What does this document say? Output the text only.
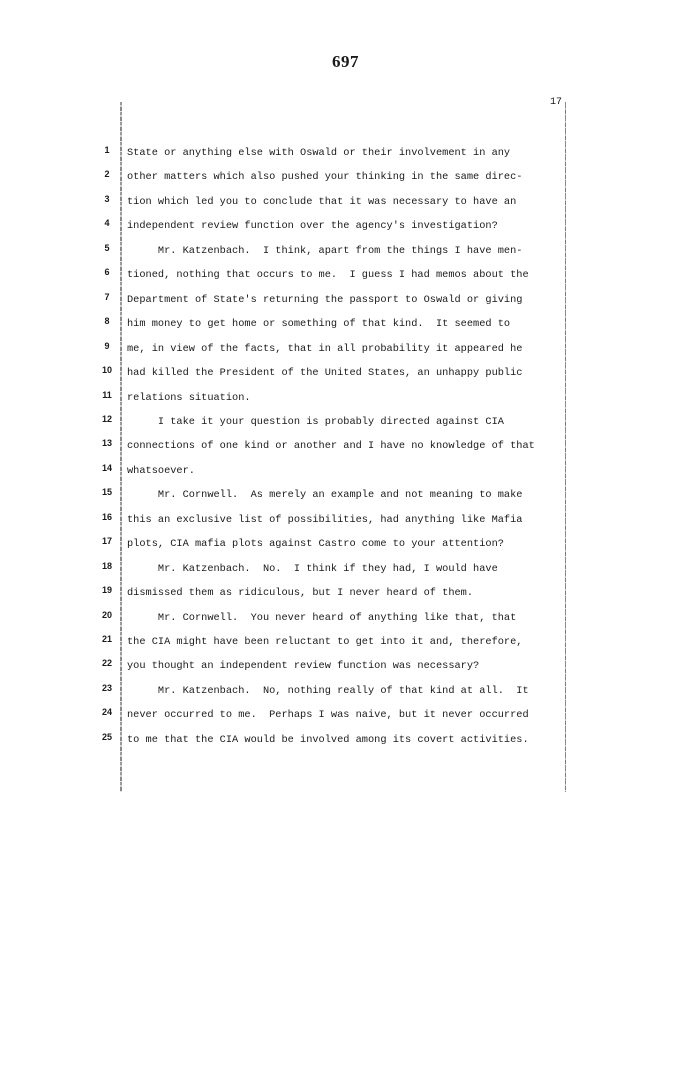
697
17
1	State or anything else with Oswald or their involvement in any
2	other matters which also pushed your thinking in the same direc-
3	tion which led you to conclude that it was necessary to have an
4	independent review function over the agency's investigation?
5	Mr. Katzenbach.  I think, apart from the things I have men-
6	tioned, nothing that occurs to me.  I guess I had memos about the
7	Department of State's returning the passport to Oswald or giving
8	him money to get home or something of that kind.  It seemed to
9	me, in view of the facts, that in all probability it appeared he
10 had killed the President of the United States, an unhappy public
11 relations situation.
12 I take it your question is probably directed against CIA
13 connections of one kind or another and I have no knowledge of that
14 whatsoever.
15 Mr. Cornwell.  As merely an example and not meaning to make
16 this an exclusive list of possibilities, had anything like Mafia
17 plots, CIA mafia plots against Castro come to your attention?
18 Mr. Katzenbach.  No.  I think if they had, I would have
19 dismissed them as ridiculous, but I never heard of them.
20 Mr. Cornwell.  You never heard of anything like that, that
21 the CIA might have been reluctant to get into it and, therefore,
22 you thought an independent review function was necessary?
23 Mr. Katzenbach.  No, nothing really of that kind at all.  It
24 never occurred to me.  Perhaps I was naive, but it never occurred
25 to me that the CIA would be involved among its covert activities.
